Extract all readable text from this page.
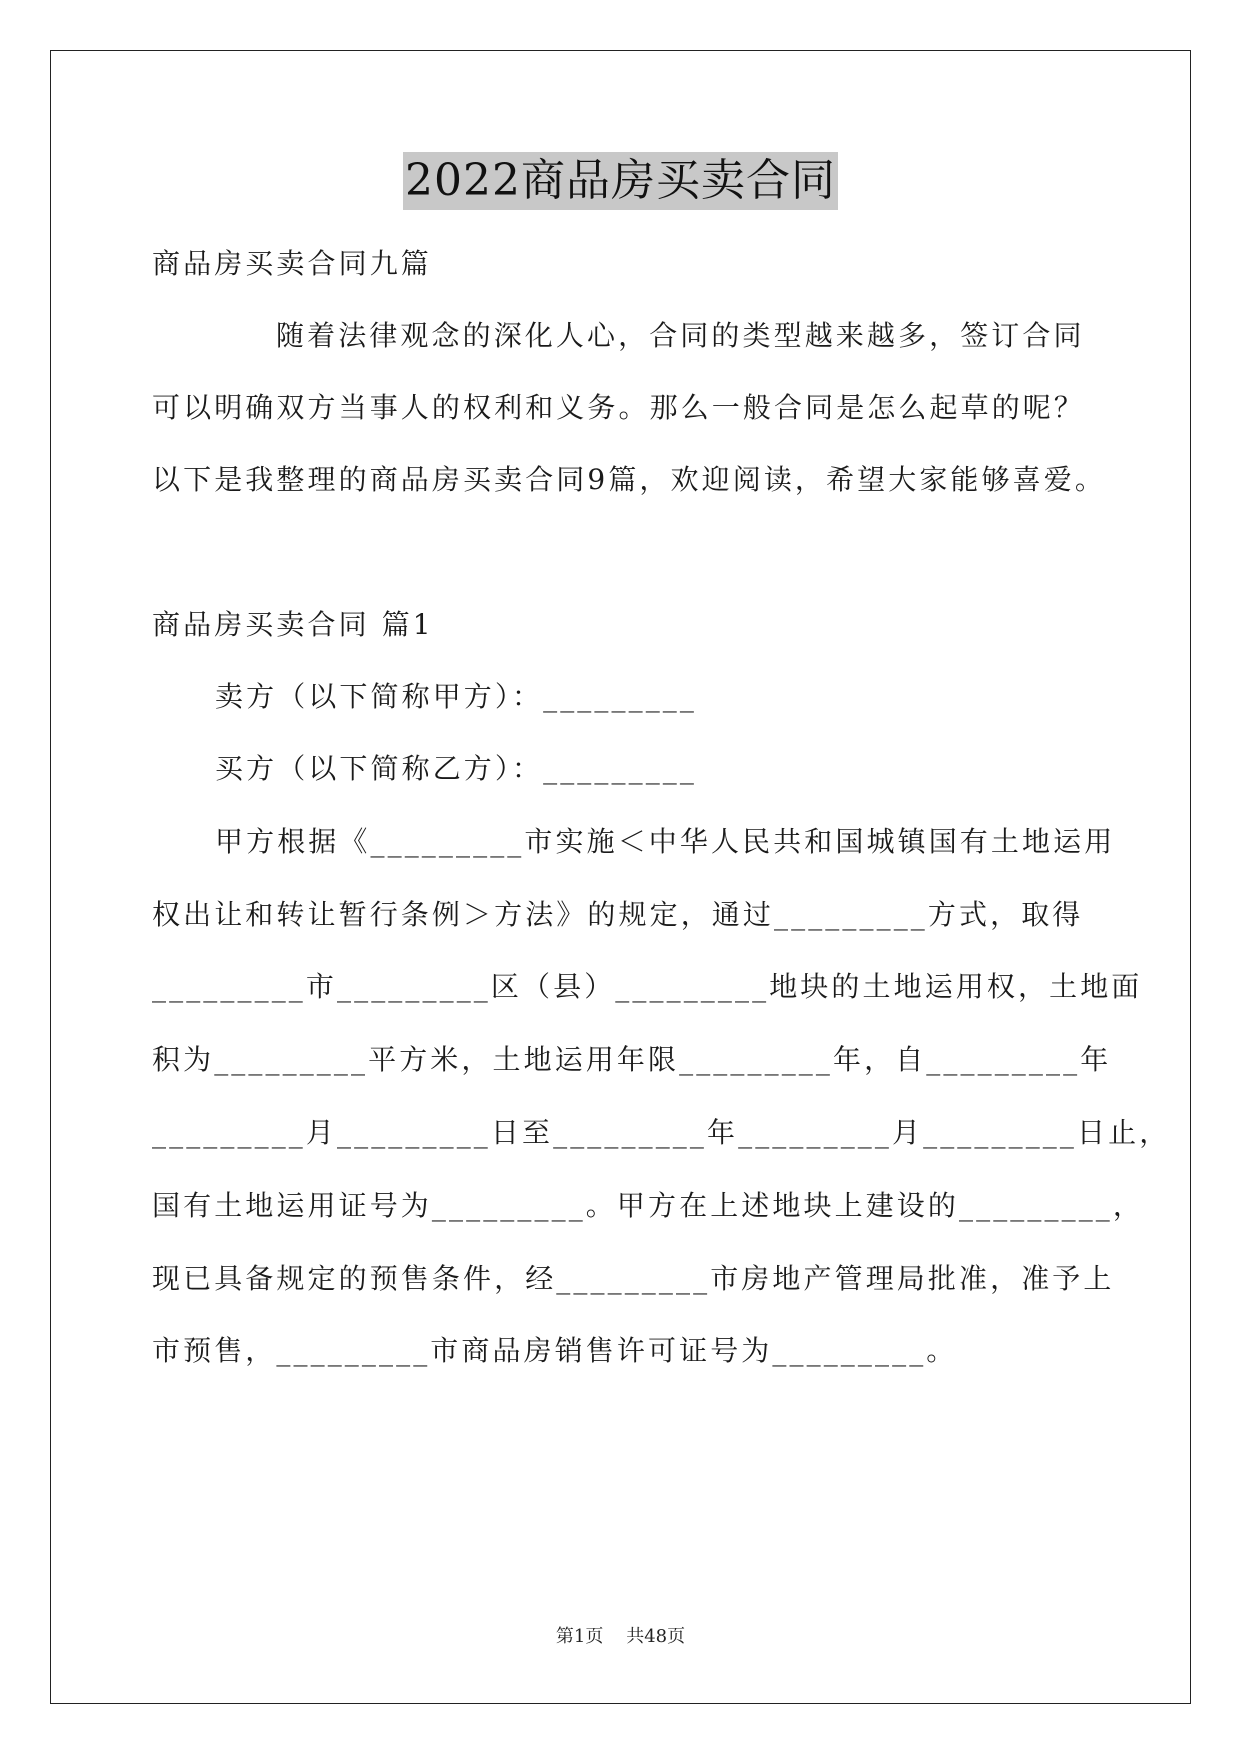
2022商品房买卖合同
商品房买卖合同九篇
随着法律观念的深化人心，合同的类型越来越多，签订合同
可以明确双方当事人的权利和义务。那么一般合同是怎么起草的呢？
以下是我整理的商品房买卖合同9篇，欢迎阅读，希望大家能够喜爱。
商品房买卖合同 篇1
卖方（以下简称甲方）：_________
买方（以下简称乙方）：_________
甲方根据《_________市实施＜中华人民共和国城镇国有土地运用
权出让和转让暂行条例＞方法》的规定，通过_________方式，取得
_________市_________区（县）_________地块的土地运用权，土地面
积为_________平方米，土地运用年限_________年，自_________年
_________月_________日至_________年_________月_________日止，
国有土地运用证号为_________。甲方在上述地块上建设的_________，
现已具备规定的预售条件，经_________市房地产管理局批准，准予上
市预售，_________市商品房销售许可证号为_________。
第1页 共48页
